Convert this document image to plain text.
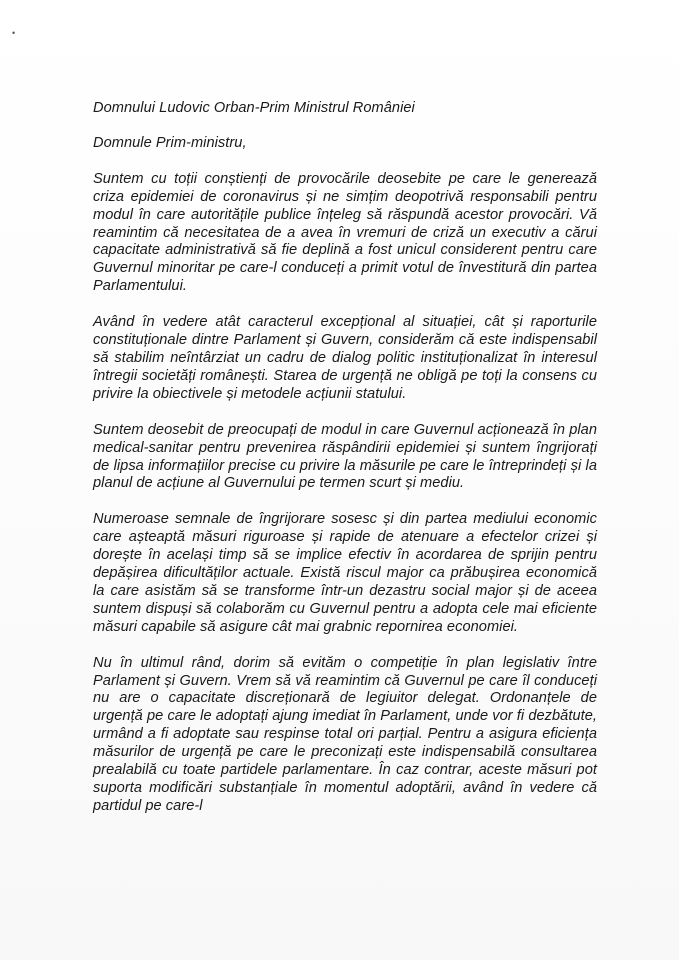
•

Domnului Ludovic Orban-Prim Ministrul României

Domnule Prim-ministru,

Suntem cu toții conștienți de provocările deosebite pe care le generează criza epidemiei de coronavirus și ne simțim deopotrivă responsabili pentru modul în care autoritățile publice înțeleg să răspundă acestor provocări. Vă reamintim că necesitatea de a avea în vremuri de criză un executiv a cărui capacitate administrativă să fie deplină a fost unicul considerent pentru care Guvernul minoritar pe care-l conduceți a primit votul de învestitură din partea Parlamentului.

Având în vedere atât caracterul excepțional al situației, cât și raporturile constituționale dintre Parlament și Guvern, considerăm că este indispensabil să stabilim neîntârziat un cadru de dialog politic instituționalizat în interesul întregii societăți românești. Starea de urgență ne obligă pe toți la consens cu privire la obiectivele și metodele acțiunii statului.

Suntem deosebit de preocupați de modul in care Guvernul acționează în plan medical-sanitar pentru prevenirea răspândirii epidemiei și suntem îngrijorați de lipsa informațiilor precise cu privire la măsurile pe care le întreprindeți și la planul de acțiune al Guvernului pe termen scurt și mediu.

Numeroase semnale de îngrijorare sosesc și din partea mediului economic care așteaptă măsuri riguroase și rapide de atenuare a efectelor crizei și dorește în același timp să se implice efectiv în acordarea de sprijin pentru depășirea dificultăților actuale. Există riscul major ca prăbușirea economică la care asistăm să se transforme într-un dezastru social major și de aceea suntem dispuși să colaborăm cu Guvernul pentru a adopta cele mai eficiente măsuri capabile să asigure cât mai grabnic repornirea economiei.

Nu în ultimul rând, dorim să evităm o competiție în plan legislativ între Parlament și Guvern. Vrem să vă reamintim că Guvernul pe care îl conduceți nu are o capacitate discreționară de legiuitor delegat. Ordonanțele de urgență pe care le adoptați ajung imediat în Parlament, unde vor fi dezbătute, urmând a fi adoptate sau respinse total ori parțial. Pentru a asigura eficiența măsurilor de urgență pe care le preconizați este indispensabilă consultarea prealabilă cu toate partidele parlamentare. În caz contrar, aceste măsuri pot suporta modificări substanțiale în momentul adoptării, având în vedere că partidul pe care-l
